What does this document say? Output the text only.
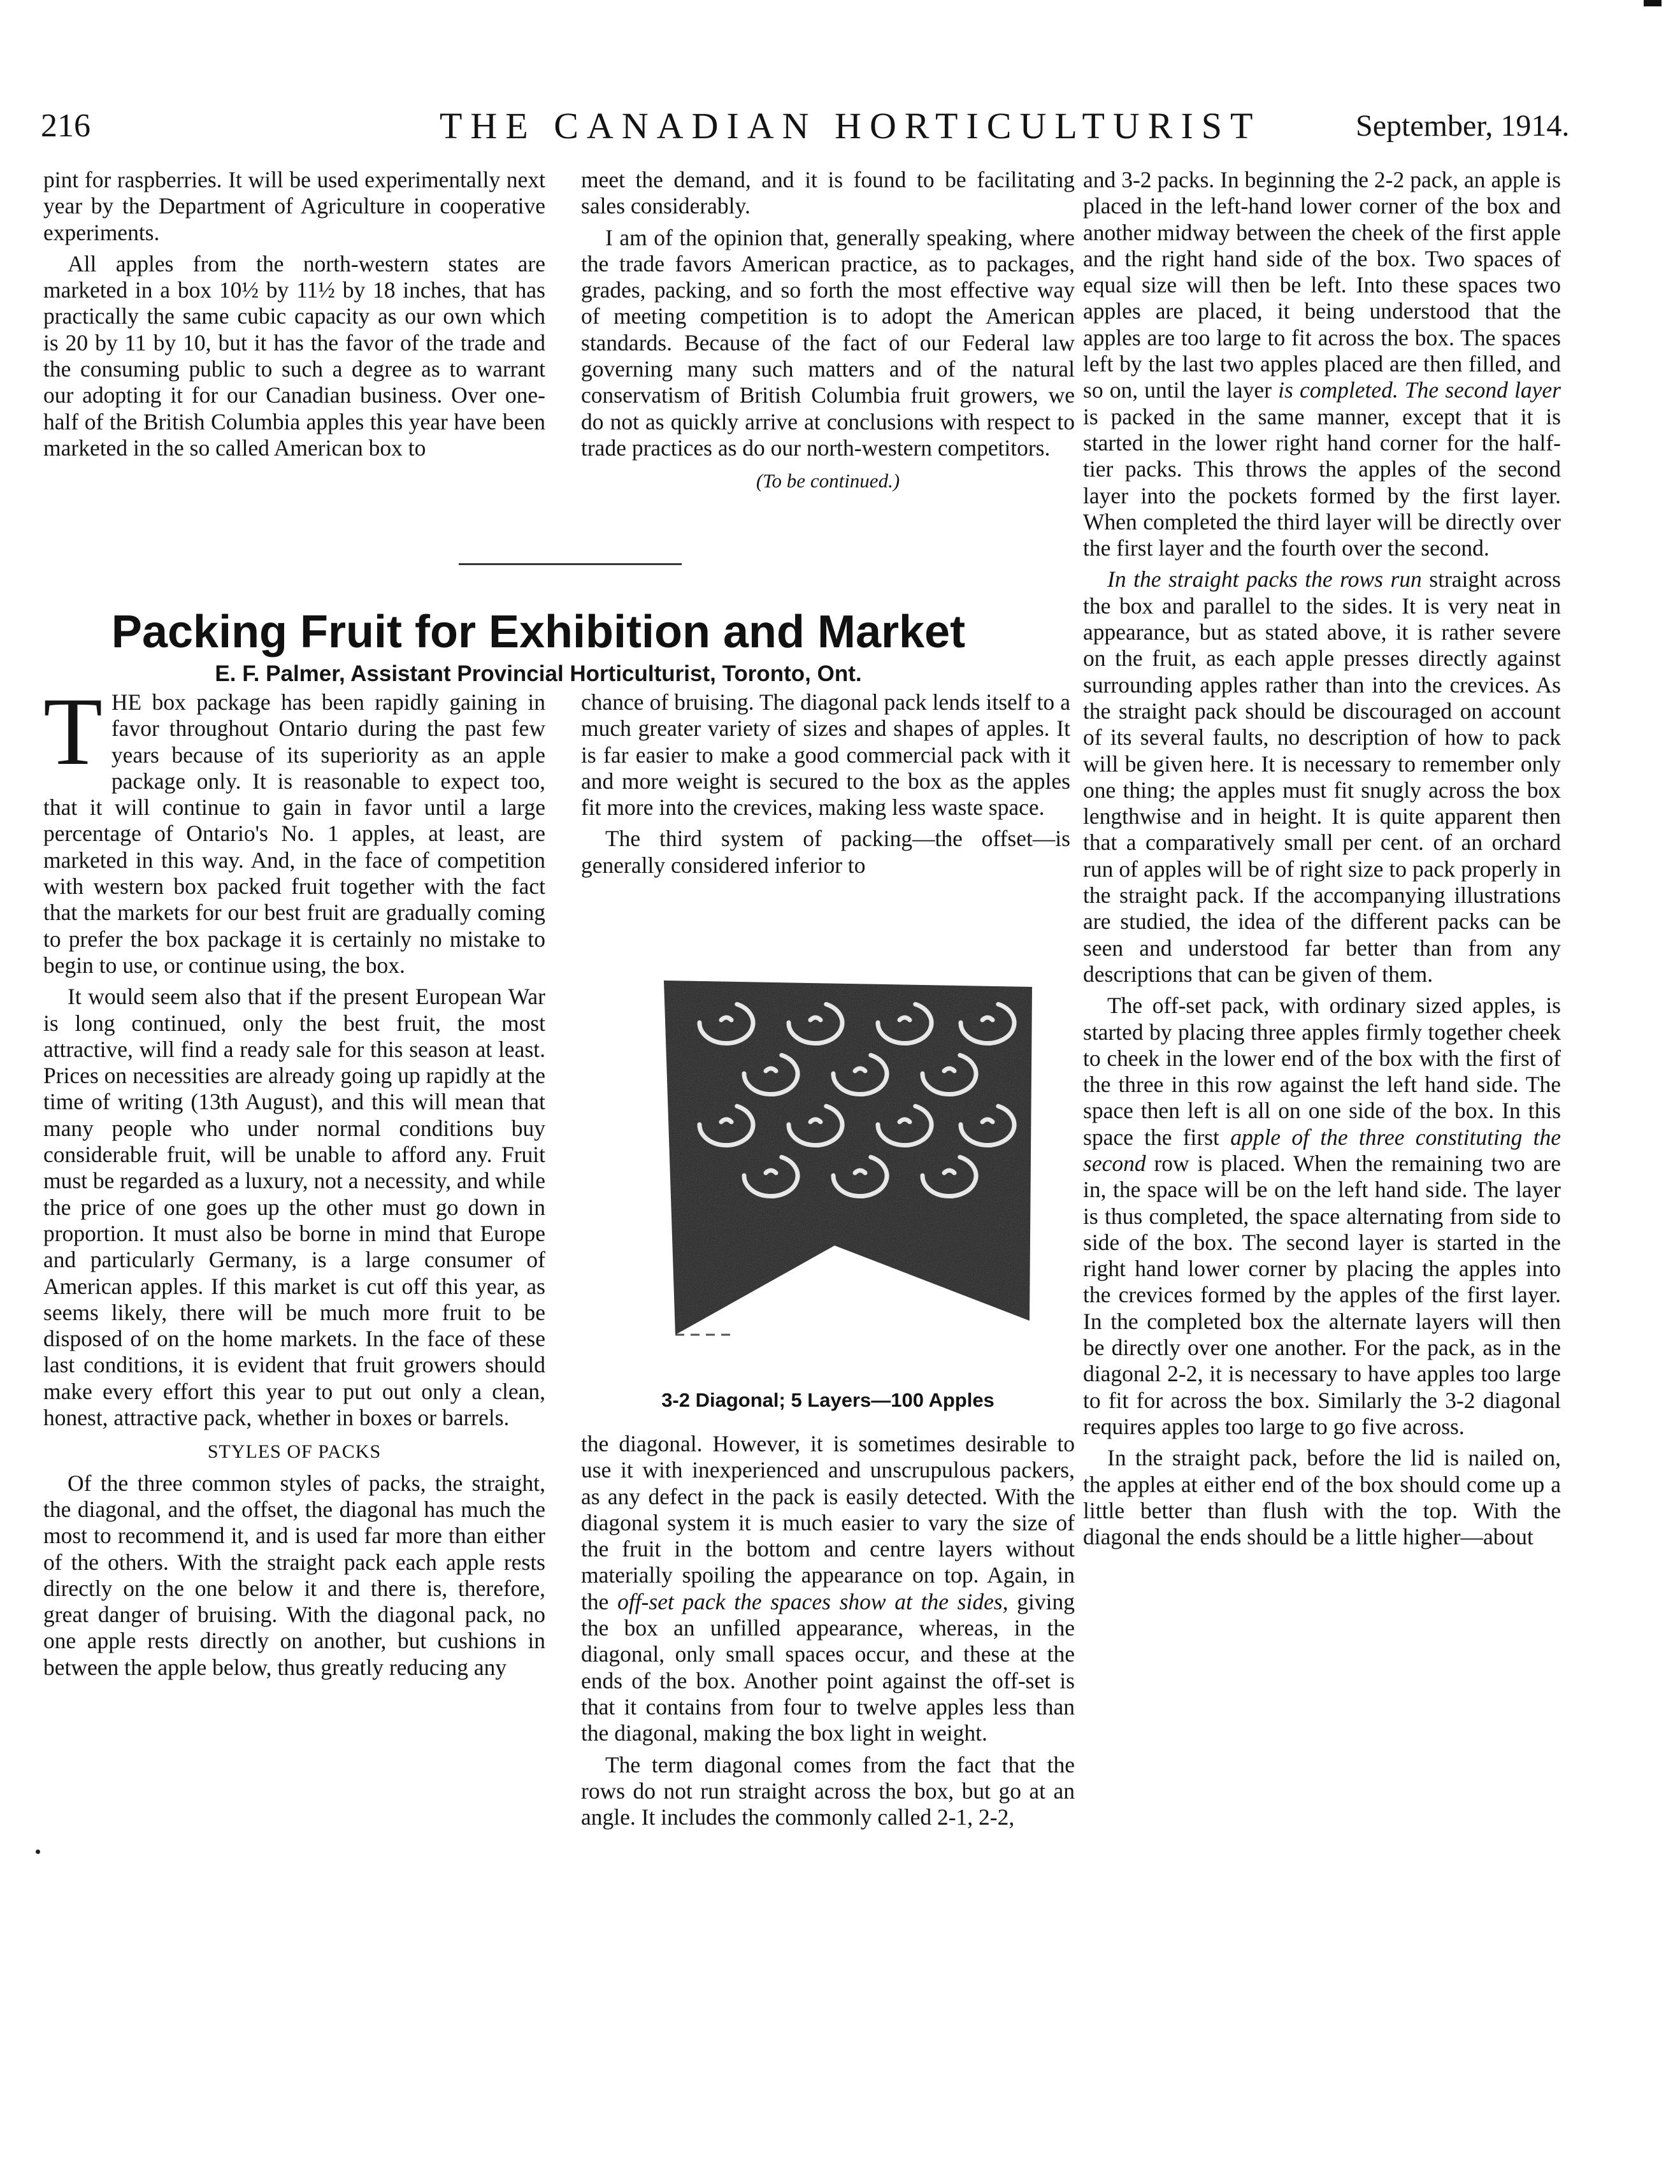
216	THE CANADIAN HORTICULTURIST	September, 1914.

pint for raspberries. It will be used experimentally next year by the Department of Agriculture in cooperative experiments.

All apples from the north-western states are marketed in a box 10½ by 11½ by 18 inches, that has practically the same cubic capacity as our own which is 20 by 11 by 10, but it has the favor of the trade and the consuming public to such a degree as to warrant our adopting it for our Canadian business. Over one-half of the British Columbia apples this year have been marketed in the so called American box to

meet the demand, and it is found to be facilitating sales considerably.

I am of the opinion that, generally speaking, where the trade favors American practice, as to packages, grades, packing, and so forth the most effective way of meeting competition is to adopt the American standards. Because of the fact of our Federal law governing many such matters and of the natural conservatism of British Columbia fruit growers, we do not as quickly arrive at conclusions with respect to trade practices as do our north-western competitors.

(To be continued.)

Packing Fruit for Exhibition and Market
E. F. Palmer, Assistant Provincial Horticulturist, Toronto, Ont.

THE box package has been rapidly gaining in favor throughout Ontario during the past few years because of its superiority as an apple package only. It is reasonable to expect too, that it will continue to gain in favor until a large percentage of Ontario's No. 1 apples, at least, are marketed in this way. And, in the face of competition with western box packed fruit together with the fact that the markets for our best fruit are gradually coming to prefer the box package it is certainly no mistake to begin to use, or continue using, the box.

It would seem also that if the present European War is long continued, only the best fruit, the most attractive, will find a ready sale for this season at least. Prices on necessities are already going up rapidly at the time of writing (13th August), and this will mean that many people who under normal conditions buy considerable fruit, will be unable to afford any. Fruit must be regarded as a luxury, not a necessity, and while the price of one goes up the other must go down in proportion. It must also be borne in mind that Europe and particularly Germany, is a large consumer of American apples. If this market is cut off this year, as seems likely, there will be much more fruit to be disposed of on the home markets. In the face of these last conditions, it is evident that fruit growers should make every effort this year to put out only a clean, honest, attractive pack, whether in boxes or barrels.

STYLES OF PACKS

Of the three common styles of packs, the straight, the diagonal, and the offset, the diagonal has much the most to recommend it, and is used far more than either of the others. With the straight pack each apple rests directly on the one below it and there is, therefore, great danger of bruising. With the diagonal pack, no one apple rests directly on another, but cushions in between the apple below, thus greatly reducing any

chance of bruising. The diagonal pack lends itself to a much greater variety of sizes and shapes of apples. It is far easier to make a good commercial pack with it and more weight is secured to the box as the apples fit more into the crevices, making less waste space.

The third system of packing—the offset—is generally considered inferior to

3-2 Diagonal; 5 Layers—100 Apples

the diagonal. However, it is sometimes desirable to use it with inexperienced and unscrupulous packers, as any defect in the pack is easily detected. With the diagonal system it is much easier to vary the size of the fruit in the bottom and centre layers without materially spoiling the appearance on top. Again, in the off-set pack the spaces show at the sides, giving the box an unfilled appearance, whereas, in the diagonal, only small spaces occur, and these at the ends of the box. Another point against the off-set is that it contains from four to twelve apples less than the diagonal, making the box light in weight.

The term diagonal comes from the fact that the rows do not run straight across the box, but go at an angle. It includes the commonly called 2-1, 2-2,

and 3-2 packs. In beginning the 2-2 pack, an apple is placed in the left-hand lower corner of the box and another midway between the cheek of the first apple and the right hand side of the box. Two spaces of equal size will then be left. Into these spaces two apples are placed, it being understood that the apples are too large to fit across the box. The spaces left by the last two apples placed are then filled, and so on, until the layer is completed. The second layer is packed in the same manner, except that it is started in the lower right hand corner for the half-tier packs. This throws the apples of the second layer into the pockets formed by the first layer. When completed the third layer will be directly over the first layer and the fourth over the second.

In the straight packs the rows run straight across the box and parallel to the sides. It is very neat in appearance, but as stated above, it is rather severe on the fruit, as each apple presses directly against surrounding apples rather than into the crevices. As the straight pack should be discouraged on account of its several faults, no description of how to pack will be given here. It is necessary to remember only one thing; the apples must fit snugly across the box lengthwise and in height. It is quite apparent then that a comparatively small per cent. of an orchard run of apples will be of right size to pack properly in the straight pack. If the accompanying illustrations are studied, the idea of the different packs can be seen and understood far better than from any descriptions that can be given of them.

The off-set pack, with ordinary sized apples, is started by placing three apples firmly together cheek to cheek in the lower end of the box with the first of the three in this row against the left hand side. The space then left is all on one side of the box. In this space the first apple of the three constituting the second row is placed. When the remaining two are in, the space will be on the left hand side. The layer is thus completed, the space alternating from side to side of the box. The second layer is started in the right hand lower corner by placing the apples into the crevices formed by the apples of the first layer. In the completed box the alternate layers will then be directly over one another. For the pack, as in the diagonal 2-2, it is necessary to have apples too large to fit for across the box. Similarly the 3-2 diagonal requires apples too large to go five across.

In the straight pack, before the lid is nailed on, the apples at either end of the box should come up a little better than flush with the top. With the diagonal the ends should be a little higher—about
